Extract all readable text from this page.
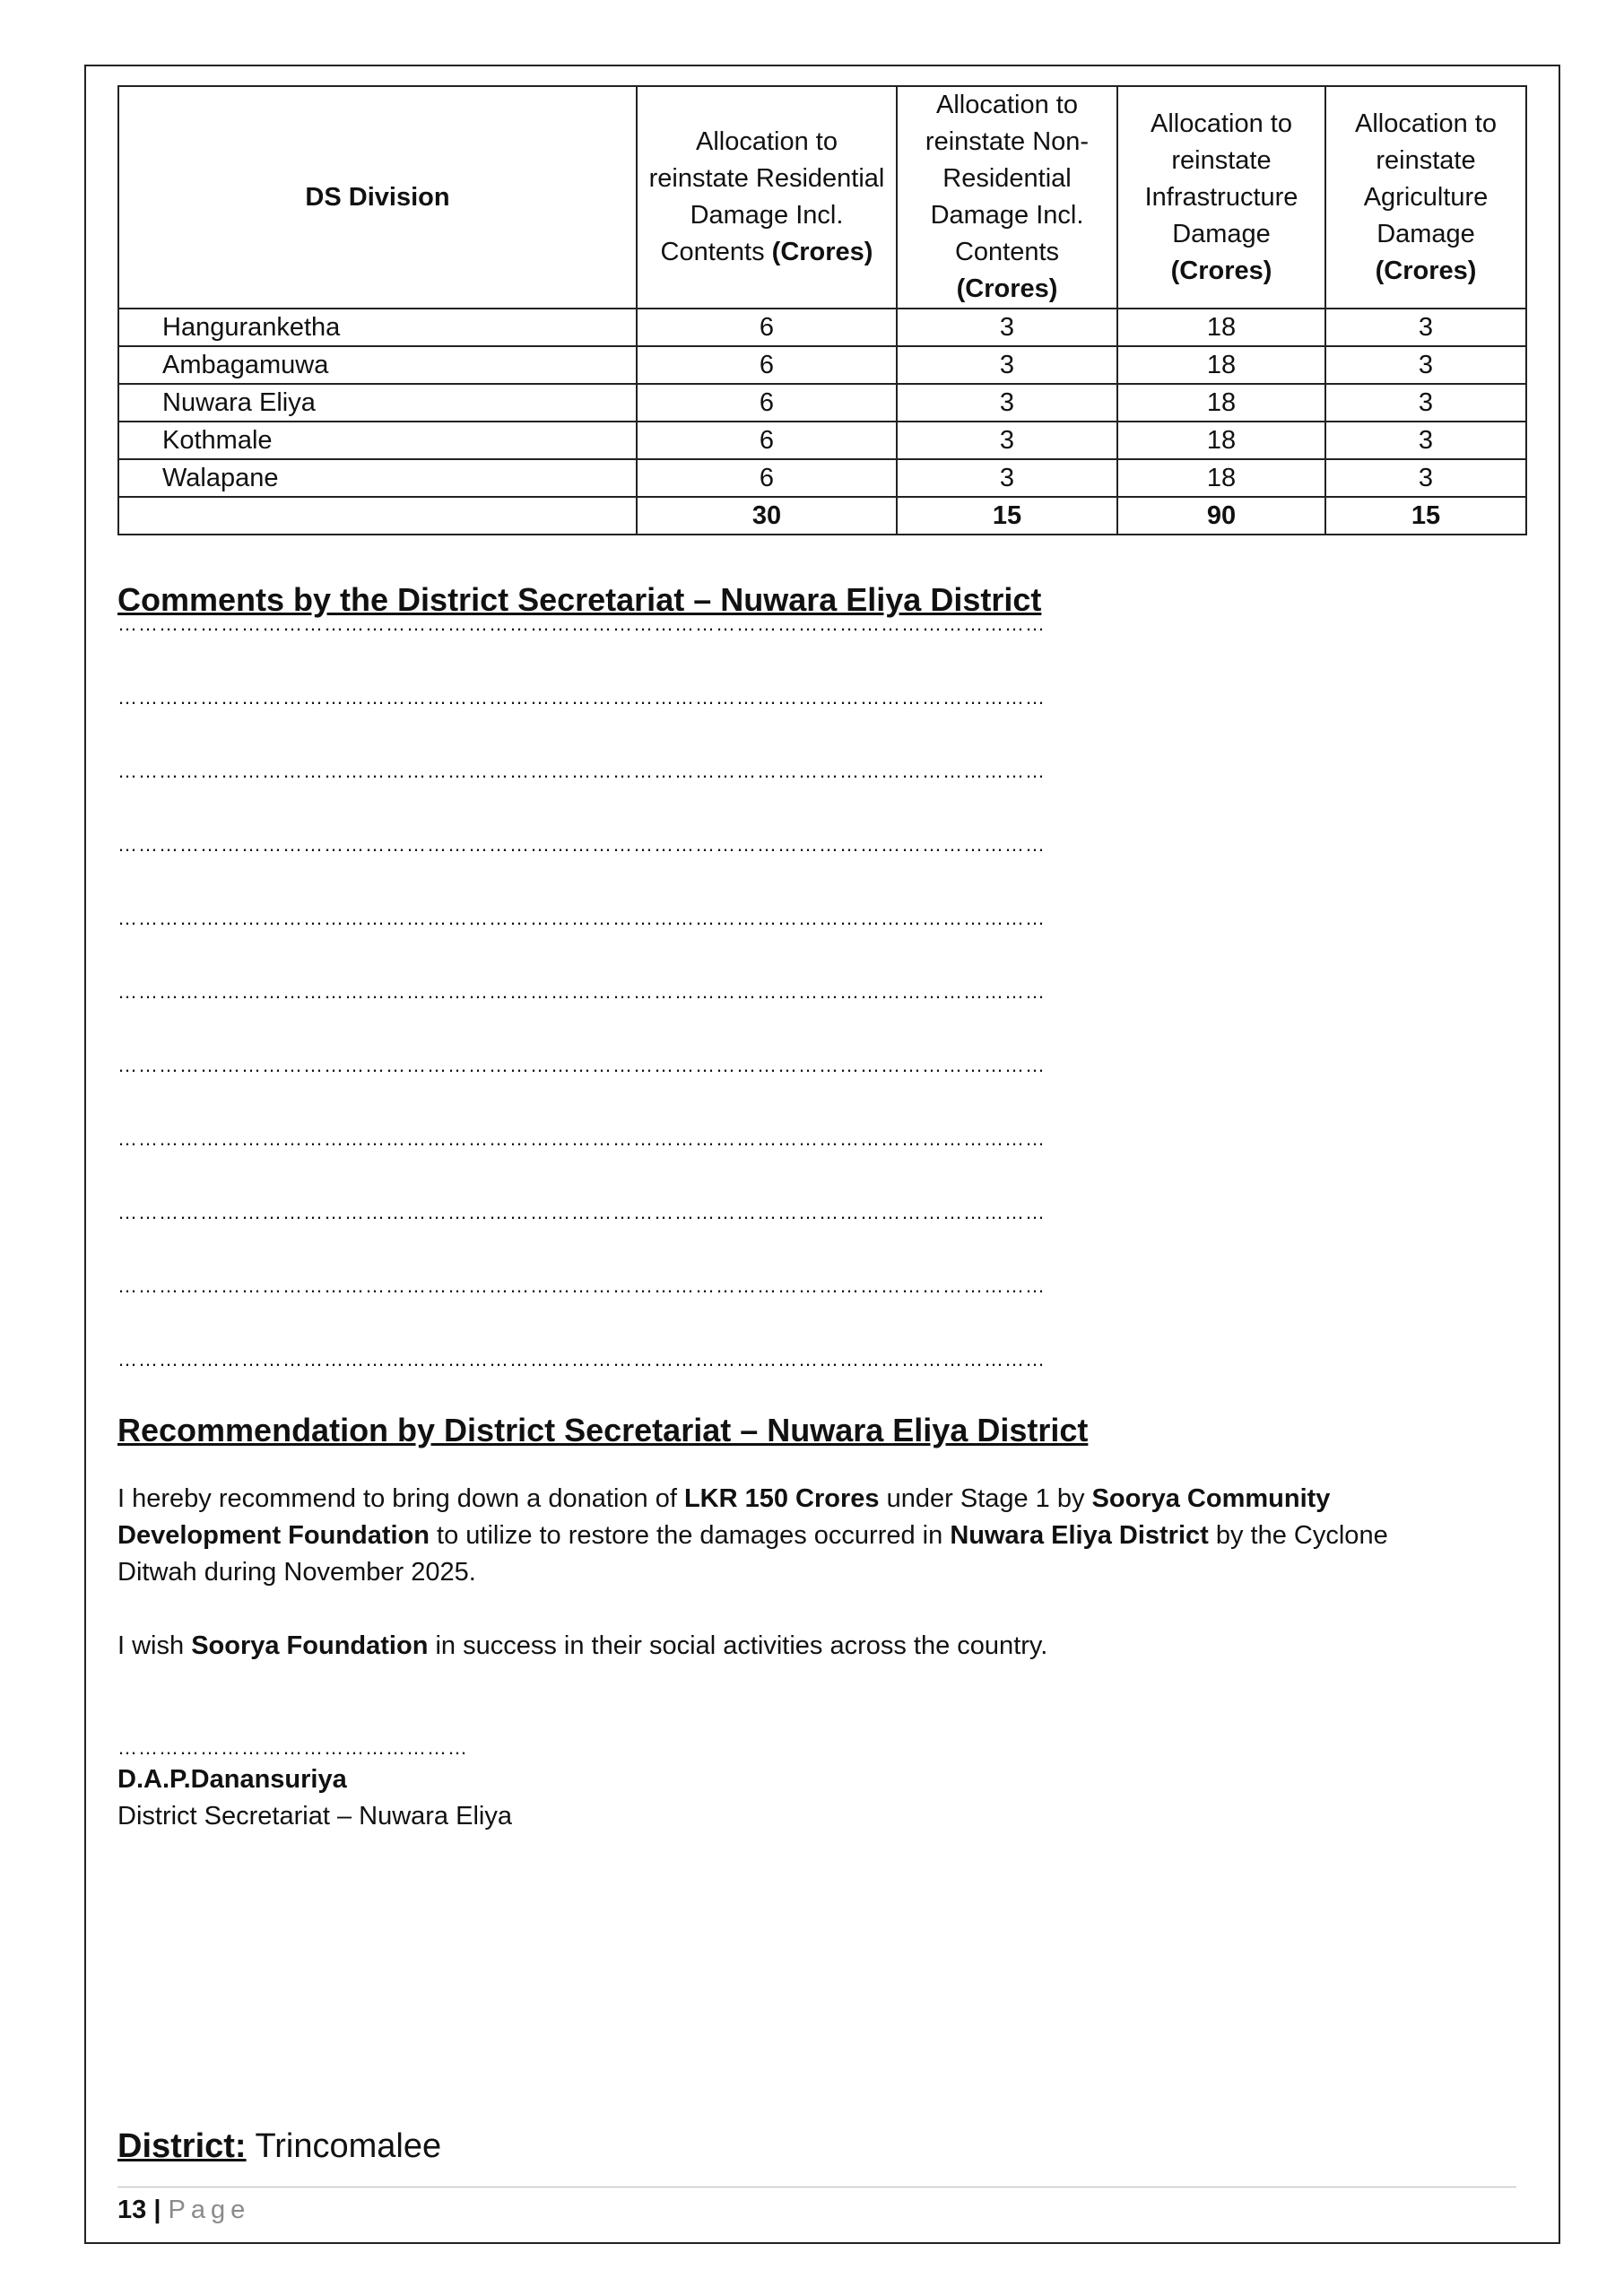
DS Division	Allocation to reinstate Residential Damage Incl. Contents (Crores)	Allocation to reinstate Non-Residential Damage Incl. Contents (Crores)	Allocation to reinstate Infrastructure Damage (Crores)	Allocation to reinstate Agriculture Damage (Crores)
Hanguranketha	6	3	18	3
Ambagamuwa	6	3	18	3
Nuwara Eliya	6	3	18	3
Kothmale	6	3	18	3
Walapane	6	3	18	3
	30	15	90	15
Comments by the District Secretariat – Nuwara Eliya District
………………………………………………………………………………………………………………………
………………………………………………………………………………………………………………………
………………………………………………………………………………………………………………………
………………………………………………………………………………………………………………………
………………………………………………………………………………………………………………………
………………………………………………………………………………………………………………………
………………………………………………………………………………………………………………………
………………………………………………………………………………………………………………………
………………………………………………………………………………………………………………………
………………………………………………………………………………………………………………………
………………………………………………………………………………………………………………………
Recommendation by District Secretariat – Nuwara Eliya District

I hereby recommend to bring down a donation of LKR 150 Crores under Stage 1 by Soorya Community Development Foundation to utilize to restore the damages occurred in Nuwara Eliya District by the Cyclone Ditwah during November 2025.

I wish Soorya Foundation in success in their social activities across the country.

……………………………………………
D.A.P.Danansuriya
District Secretariat – Nuwara Eliya
District: Trincomalee
13 | Page
